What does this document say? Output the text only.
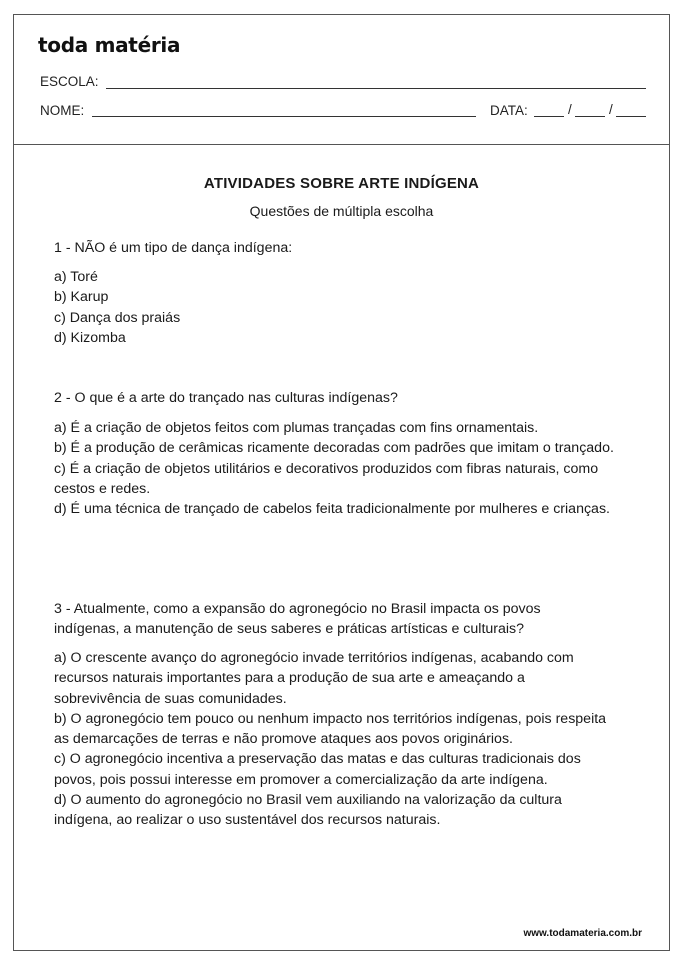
toda matéria
ESCOLA:
NOME:	DATA:	/	/
ATIVIDADES SOBRE ARTE INDÍGENA
Questões de múltipla escolha

1 - NÃO é um tipo de dança indígena:

a) Toré
b) Karup
c) Dança dos praiás
d) Kizomba

2 - O que é a arte do trançado nas culturas indígenas?

a) É a criação de objetos feitos com plumas trançadas com fins ornamentais.
b) É a produção de cerâmicas ricamente decoradas com padrões que imitam o trançado.
c) É a criação de objetos utilitários e decorativos produzidos com fibras naturais, como cestos e redes.
d) É uma técnica de trançado de cabelos feita tradicionalmente por mulheres e crianças.

3 - Atualmente, como a expansão do agronegócio no Brasil impacta os povos indígenas, a manutenção de seus saberes e práticas artísticas e culturais?

a) O crescente avanço do agronegócio invade territórios indígenas, acabando com recursos naturais importantes para a produção de sua arte e ameaçando a sobrevivência de suas comunidades.
b) O agronegócio tem pouco ou nenhum impacto nos territórios indígenas, pois respeita as demarcações de terras e não promove ataques aos povos originários.
c) O agronegócio incentiva a preservação das matas e das culturas tradicionais dos povos, pois possui interesse em promover a comercialização da arte indígena.
d) O aumento do agronegócio no Brasil vem auxiliando na valorização da cultura indígena, ao realizar o uso sustentável dos recursos naturais.
www.todamateria.com.br
